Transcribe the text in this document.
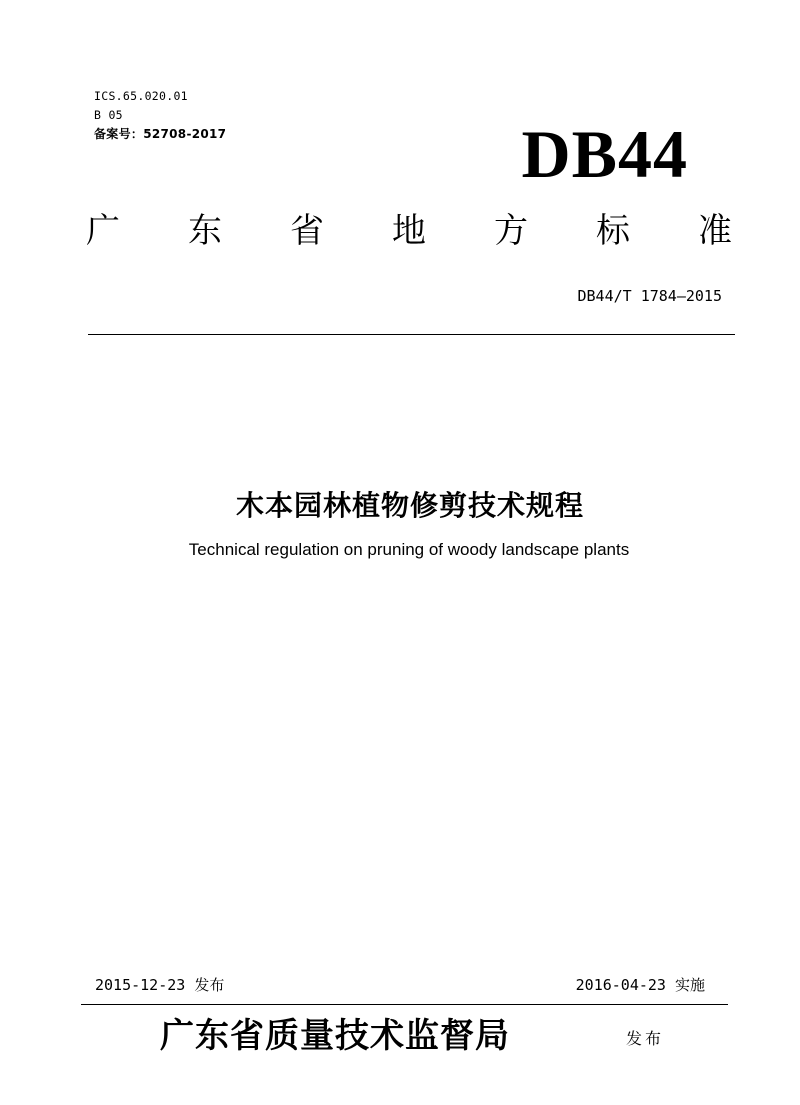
ICS.65.020.01
B 05
备案号：52708-2017	DB44
广 东 省 地 方 标 准
DB44/T 1784—2015
木本园林植物修剪技术规程
Technical regulation on pruning of woody landscape plants
2015-12-23 发布	2016-04-23 实施
广东省质量技术监督局	发布
